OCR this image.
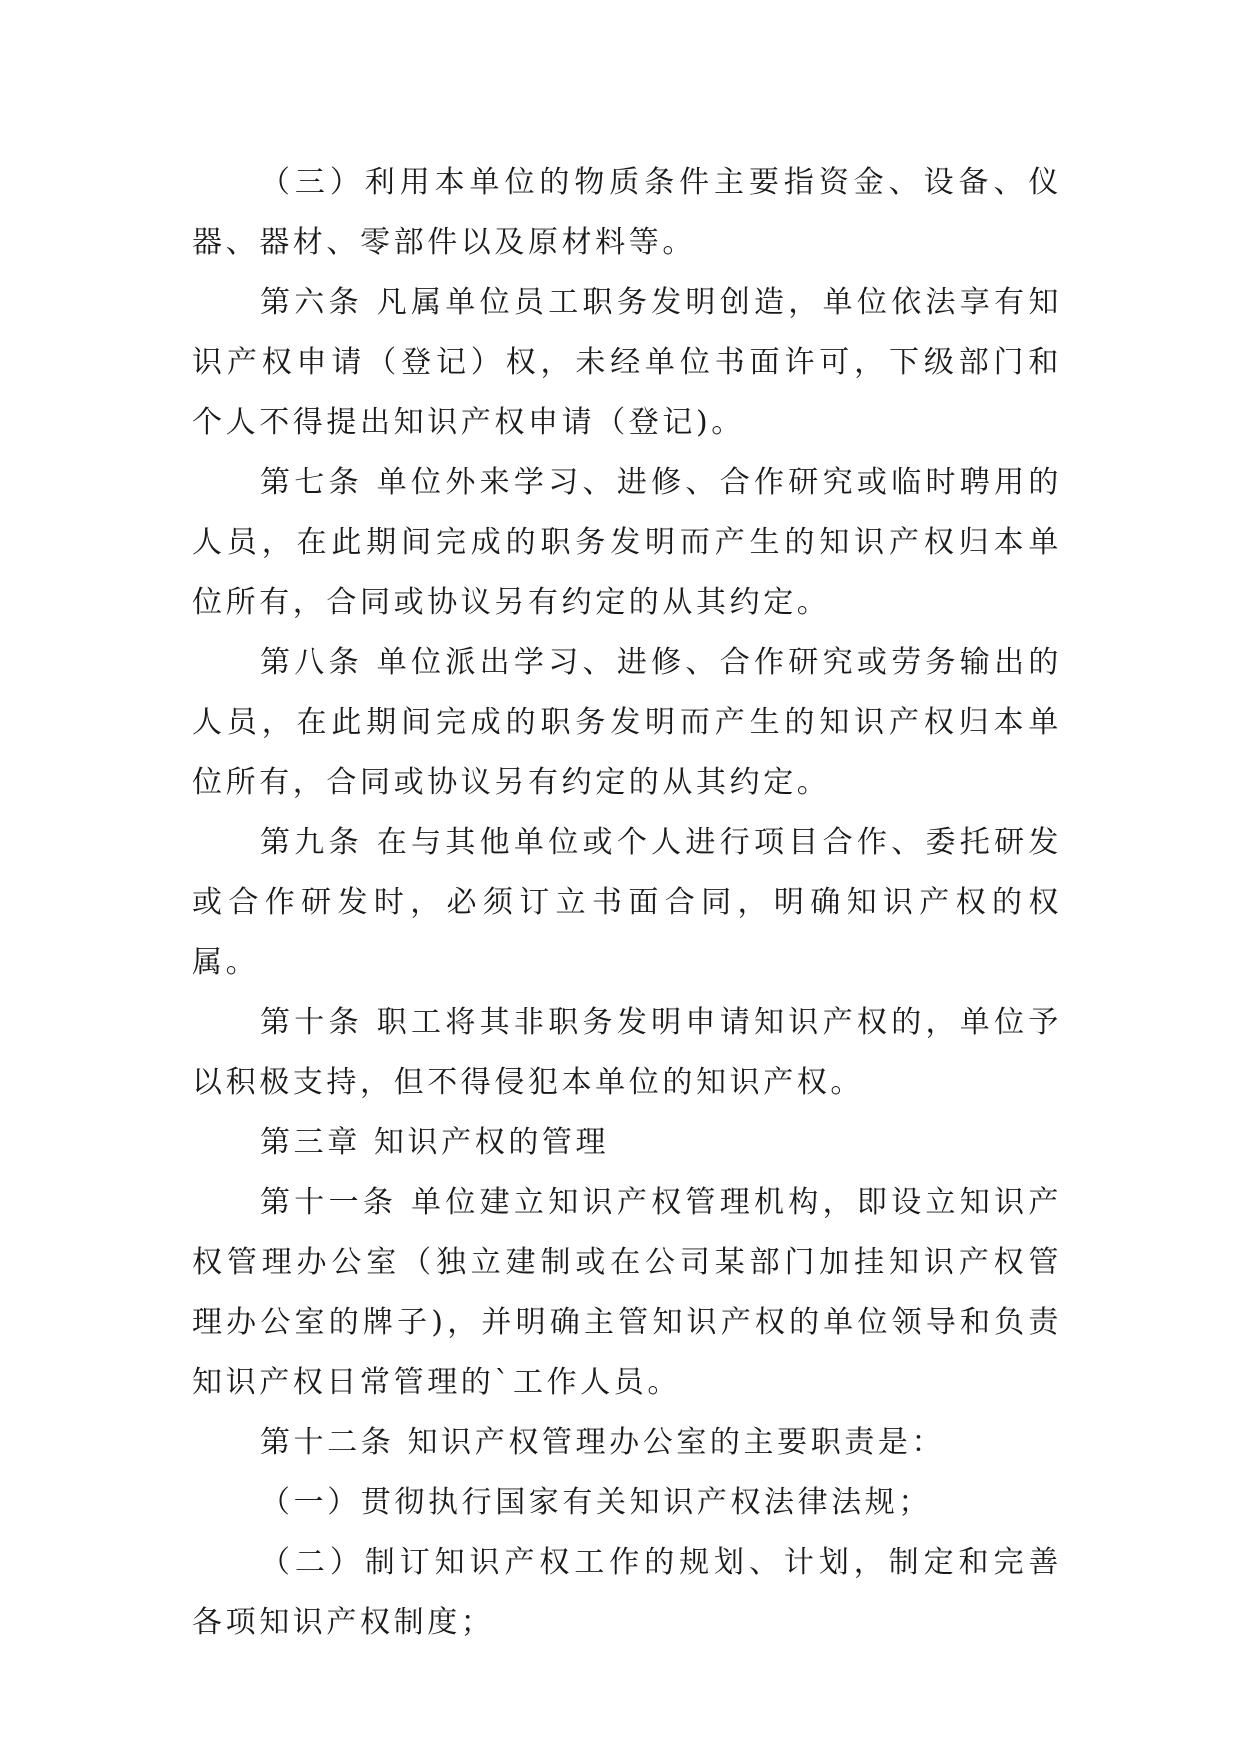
（三）利用本单位的物质条件主要指资金、设备、仪器、器材、零部件以及原材料等。

第六条 凡属单位员工职务发明创造，单位依法享有知识产权申请（登记）权，未经单位书面许可，下级部门和个人不得提出知识产权申请（登记)。

第七条 单位外来学习、进修、合作研究或临时聘用的人员，在此期间完成的职务发明而产生的知识产权归本单位所有，合同或协议另有约定的从其约定。

第八条 单位派出学习、进修、合作研究或劳务输出的人员，在此期间完成的职务发明而产生的知识产权归本单位所有，合同或协议另有约定的从其约定。

第九条 在与其他单位或个人进行项目合作、委托研发或合作研发时，必须订立书面合同，明确知识产权的权属。

第十条 职工将其非职务发明申请知识产权的，单位予以积极支持，但不得侵犯本单位的知识产权。

第三章 知识产权的管理

第十一条 单位建立知识产权管理机构，即设立知识产权管理办公室（独立建制或在公司某部门加挂知识产权管理办公室的牌子)，并明确主管知识产权的单位领导和负责知识产权日常管理的`工作人员。

第十二条 知识产权管理办公室的主要职责是：

（一）贯彻执行国家有关知识产权法律法规；

（二）制订知识产权工作的规划、计划，制定和完善各项知识产权制度；
